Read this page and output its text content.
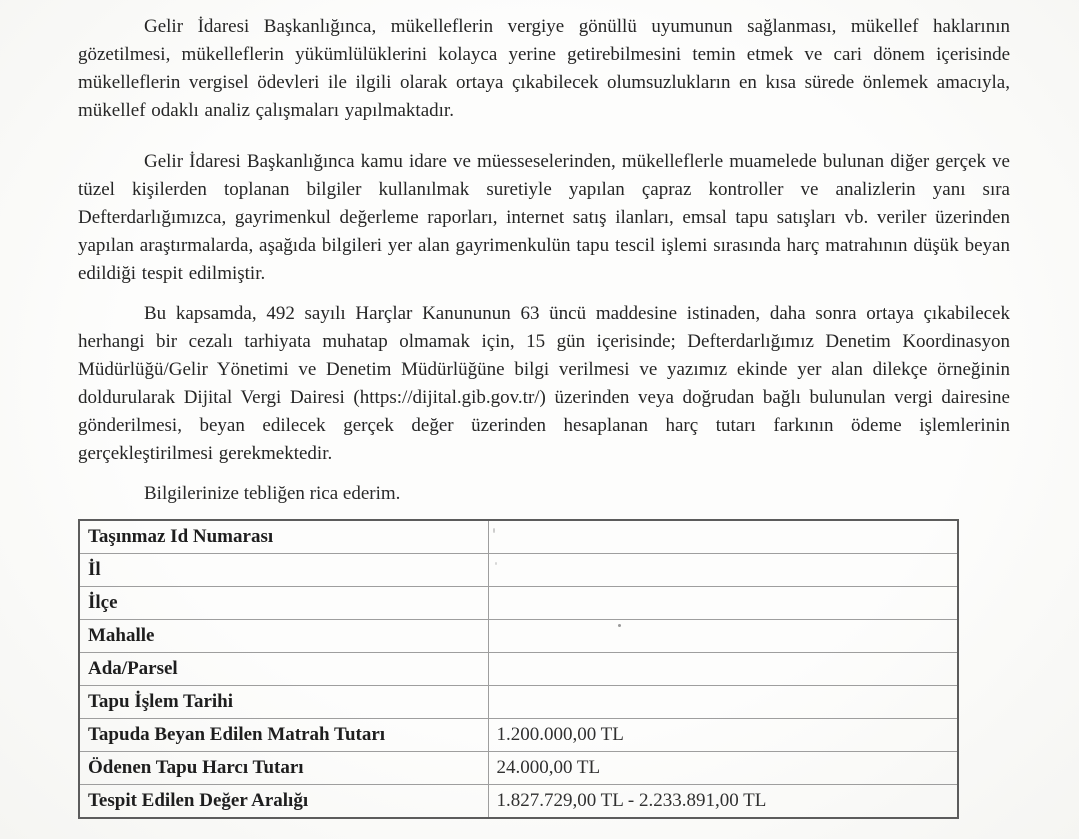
Gelir İdaresi Başkanlığınca, mükelleflerin vergiye gönüllü uyumunun sağlanması, mükellef haklarının gözetilmesi, mükelleflerin yükümlülüklerini kolayca yerine getirebilmesini temin etmek ve cari dönem içerisinde mükelleflerin vergisel ödevleri ile ilgili olarak ortaya çıkabilecek olumsuzlukların en kısa sürede önlemek amacıyla, mükellef odaklı analiz çalışmaları yapılmaktadır.

Gelir İdaresi Başkanlığınca kamu idare ve müesseselerinden, mükelleflerle muamelede bulunan diğer gerçek ve tüzel kişilerden toplanan bilgiler kullanılmak suretiyle yapılan çapraz kontroller ve analizlerin yanı sıra Defterdarlığımızca, gayrimenkul değerleme raporları, internet satış ilanları, emsal tapu satışları vb. veriler üzerinden yapılan araştırmalarda, aşağıda bilgileri yer alan gayrimenkulün tapu tescil işlemi sırasında harç matrahının düşük beyan edildiği tespit edilmiştir.

Bu kapsamda, 492 sayılı Harçlar Kanununun 63 üncü maddesine istinaden, daha sonra ortaya çıkabilecek herhangi bir cezalı tarhiyata muhatap olmamak için, 15 gün içerisinde; Defterdarlığımız Denetim Koordinasyon Müdürlüğü/Gelir Yönetimi ve Denetim Müdürlüğüne bilgi verilmesi ve yazımız ekinde yer alan dilekçe örneğinin doldurularak Dijital Vergi Dairesi (https://dijital.gib.gov.tr/) üzerinden veya doğrudan bağlı bulunulan vergi dairesine gönderilmesi, beyan edilecek gerçek değer üzerinden hesaplanan harç tutarı farkının ödeme işlemlerinin gerçekleştirilmesi gerekmektedir.

Bilgilerinize tebliğen rica ederim.

Taşınmaz Id Numarası	
İl	
İlçe	
Mahalle	
Ada/Parsel	
Tapu İşlem Tarihi	
Tapuda Beyan Edilen Matrah Tutarı	1.200.000,00 TL
Ödenen Tapu Harcı Tutarı	24.000,00 TL
Tespit Edilen Değer Aralığı	1.827.729,00 TL - 2.233.891,00 TL
